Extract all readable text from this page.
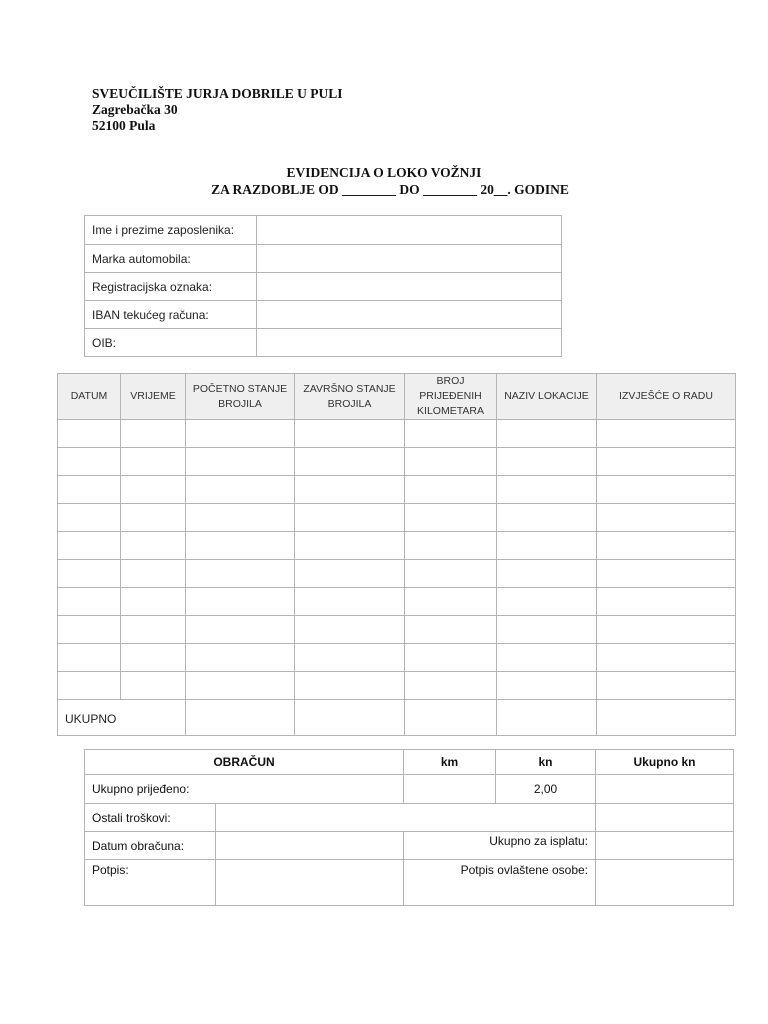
SVEUČILIŠTE JURJA DOBRILE U PULI
Zagrebačka 30
52100 Pula
EVIDENCIJA O LOKO VOŽNJI
ZA RAZDOBLJE OD ________ DO ________ 20__. GODINE
Ime i prezime zaposlenika:	
Marka automobila:	
Registracijska oznaka:	
IBAN tekućeg računa:	
OIB:	
DATUM	VRIJEME	POČETNO STANJE BROJILA	ZAVRŠNO STANJE BROJILA	BROJ PRIJEĐENIH KILOMETARA	NAZIV LOKACIJE	IZVJEŠĆE O RADU

UKUPNO						
OBRAČUN		km	kn	Ukupno kn
Ukupno prijeđeno:			2,00	
Ostali troškovi:				
Datum obračuna:		Ukupno za isplatu:		
Potpis:		Potpis ovlaštene osobe:		
